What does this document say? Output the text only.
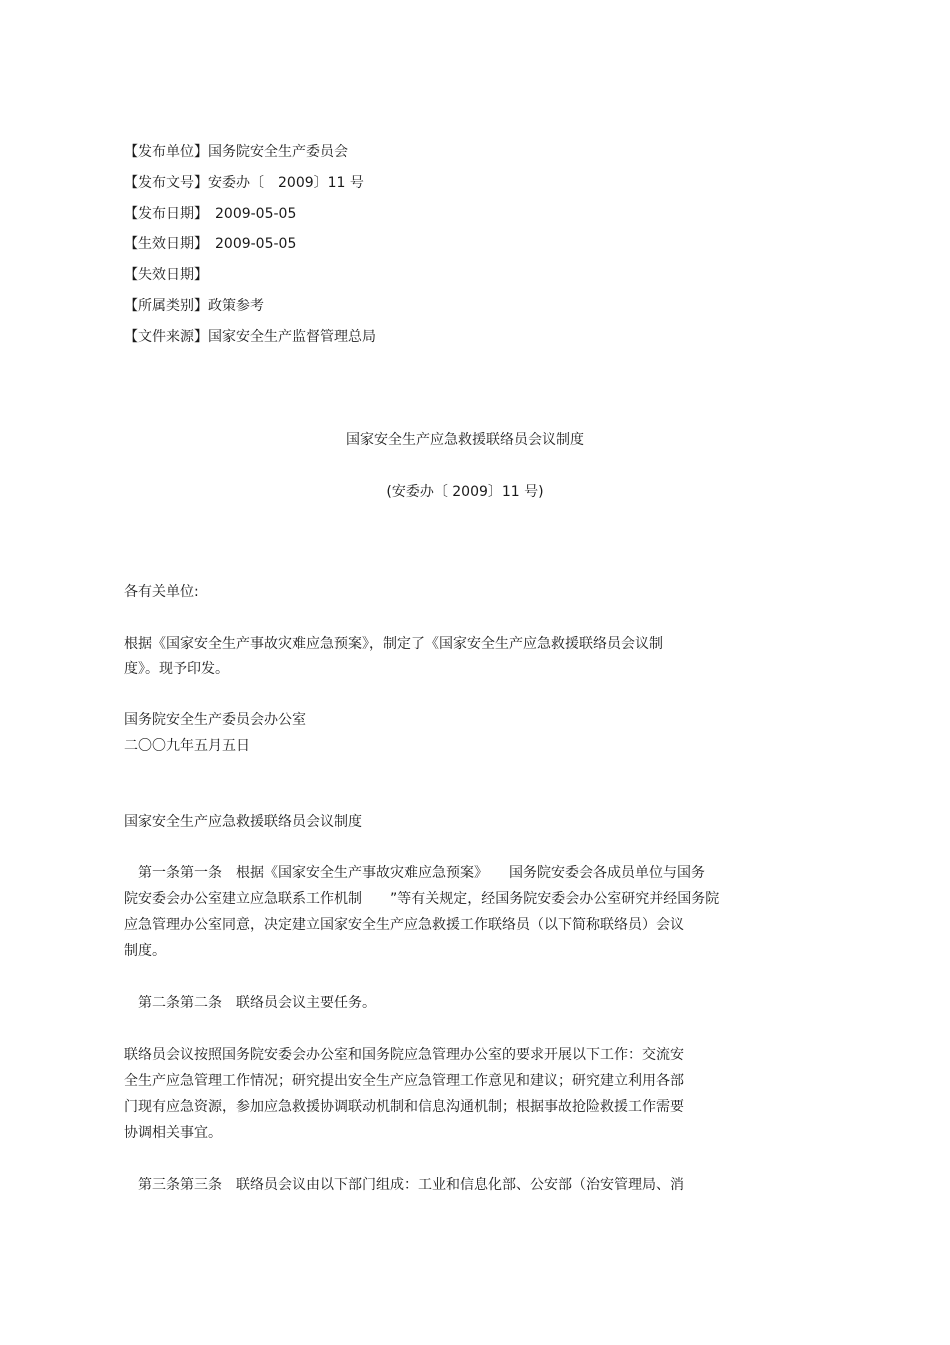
【发布单位】国务院安全生产委员会
【发布文号】安委办〔　2009〕11 号
【发布日期】　2009-05-05
【生效日期】　2009-05-05
【失效日期】
【所属类别】政策参考
【文件来源】国家安全生产监督管理总局
国家安全生产应急救援联络员会议制度
(安委办〔 2009〕11 号)
各有关单位:
根据《国家安全生产事故灾难应急预案》，制定了《国家安全生产应急救援联络员会议制
度》。现予印发。
国务院安全生产委员会办公室
二〇〇九年五月五日
国家安全生产应急救援联络员会议制度
　第一条第一条　根据《国家安全生产事故灾难应急预案》　　国务院安委会各成员单位与国务
院安委会办公室建立应急联系工作机制　　”等有关规定，经国务院安委会办公室研究并经国务院
应急管理办公室同意，决定建立国家安全生产应急救援工作联络员（以下简称联络员）会议
制度。
　第二条第二条　联络员会议主要任务。
联络员会议按照国务院安委会办公室和国务院应急管理办公室的要求开展以下工作：交流安
全生产应急管理工作情况；研究提出安全生产应急管理工作意见和建议；研究建立利用各部
门现有应急资源，参加应急救援协调联动机制和信息沟通机制；根据事故抢险救援工作需要
协调相关事宜。
　第三条第三条　联络员会议由以下部门组成：工业和信息化部、公安部（治安管理局、消
